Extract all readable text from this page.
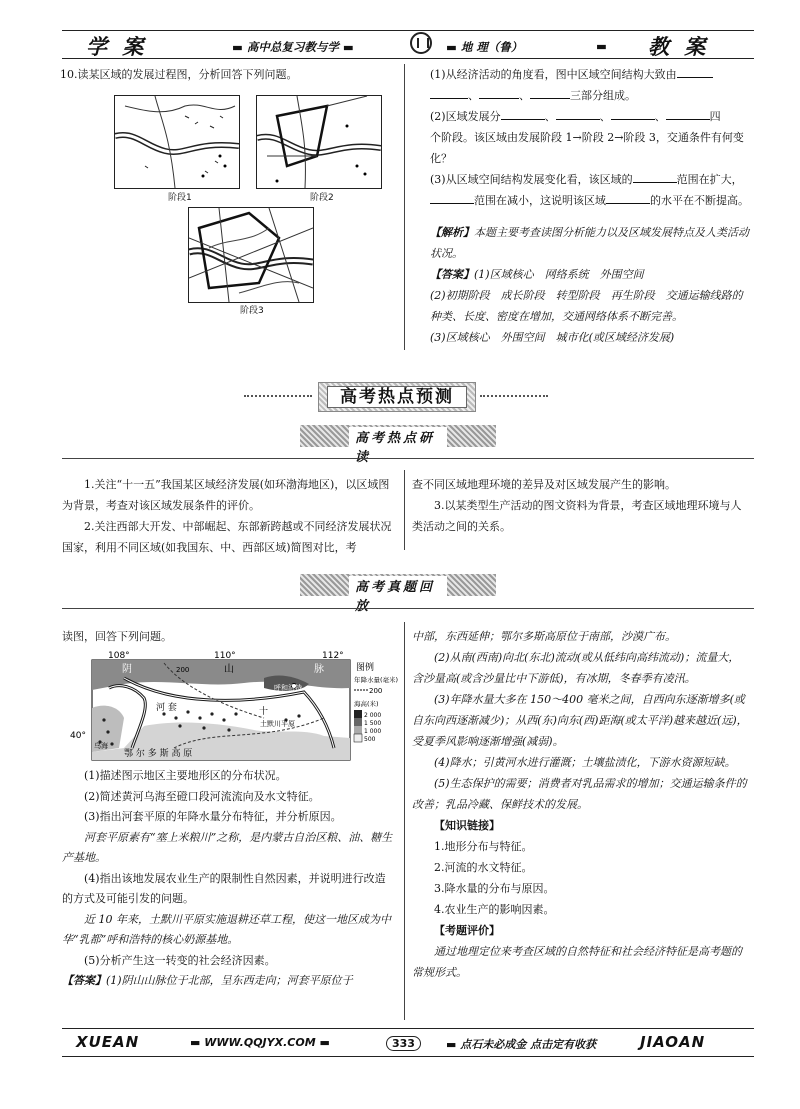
学 案	▬ 高中总复习教与学 ▬	▬ 地 理（鲁）	▬ 教 案
10.读某区域的发展过程图，分析回答下列问题。
阶段1	阶段2
阶段3
(1)从经济活动的角度看，图中区域空间结构大致由
、	、	三部分组成。
(2)区域发展分	、	、	、	四
个阶段。该区域由发展阶段 1→阶段 2→阶段 3，交通条件有何变化？
(3)从区域空间结构发展变化看，该区域的	范围在扩大，范围在减小，这说明该区域	的水平在不断提高。
【解析】本题主要考查读图分析能力以及区域发展特点及人类活动状况。
【答案】(1)区域核心　网络系统　外围空间
(2)初期阶段　成长阶段　转型阶段　再生阶段　交通运输线路的种类、长度、密度在增加，交通网络体系不断完善。
(3)区域核心　外围空间　城市化(或区域经济发展)
高考热点预测
高考热点研读
1.关注“十一五”我国某区域经济发展(如环渤海地区)，以区域图为背景，考查对该区域发展条件的评价。
2.关注西部大开发、中部崛起、东部新跨越或不同经济发展状况国家，利用不同区域(如我国东、中、西部区域)简图对比，考
查不同区域地理环境的差异及对区域发展产生的影响。
3.以某类型生产活动的图文资料为背景，考查区域地理环境与人类活动之间的关系。
高考真题回放
读图，回答下列问题。
108°	110°	112°
40°
阴	山	脉
200
呼和浩特
土默川平原
鄂 尔 多 斯 高 原
乌海
河 套	十
图例
年降水量(毫米)
200
海高(米)
2 000
1 500
1 000
500
(1)描述图示地区主要地形区的分布状况。
(2)简述黄河乌海至磴口段河流流向及水文特征。
(3)指出河套平原的年降水量分布特征，并分析原因。
河套平原素有“塞上米粮川”之称，是内蒙古自治区粮、油、糖生产基地。
(4)指出该地发展农业生产的限制性自然因素，并说明进行改造的方式及可能引发的问题。
近 10 年来，土默川平原实施退耕还草工程，使这一地区成为中华“乳都”呼和浩特的核心奶源基地。
(5)分析产生这一转变的社会经济因素。
【答案】(1)阴山山脉位于北部，呈东西走向；河套平原位于
中部，东西延伸；鄂尔多斯高原位于南部，沙漠广布。
(2)从南(西南)向北(东北)流动(或从低纬向高纬流动)；流量大，含沙量高(或含沙量比中下游低)，有冰期，冬春季有凌汛。
(3)年降水量大多在 150～400 毫米之间，自西向东逐渐增多(或自东向西逐渐减少)；从西(东)向东(西)距海(或太平洋)越来越近(远)，受夏季风影响逐渐增强(减弱)。
(4)降水；引黄河水进行灌溉；土壤盐渍化，下游水资源短缺。
(5)生态保护的需要；消费者对乳品需求的增加；交通运输条件的改善；乳品冷藏、保鲜技术的发展。
【知识链接】
1.地形分布与特征。
2.河流的水文特征。
3.降水量的分布与原因。
4.农业生产的影响因素。
【考题评价】
通过地理定位来考查区域的自然特征和社会经济特征是高考题的常规形式。
XUEAN	▬ WWW.QQJYX.COM ▬	333	▬ 点石未必成金 点击定有收获	JIAOAN
